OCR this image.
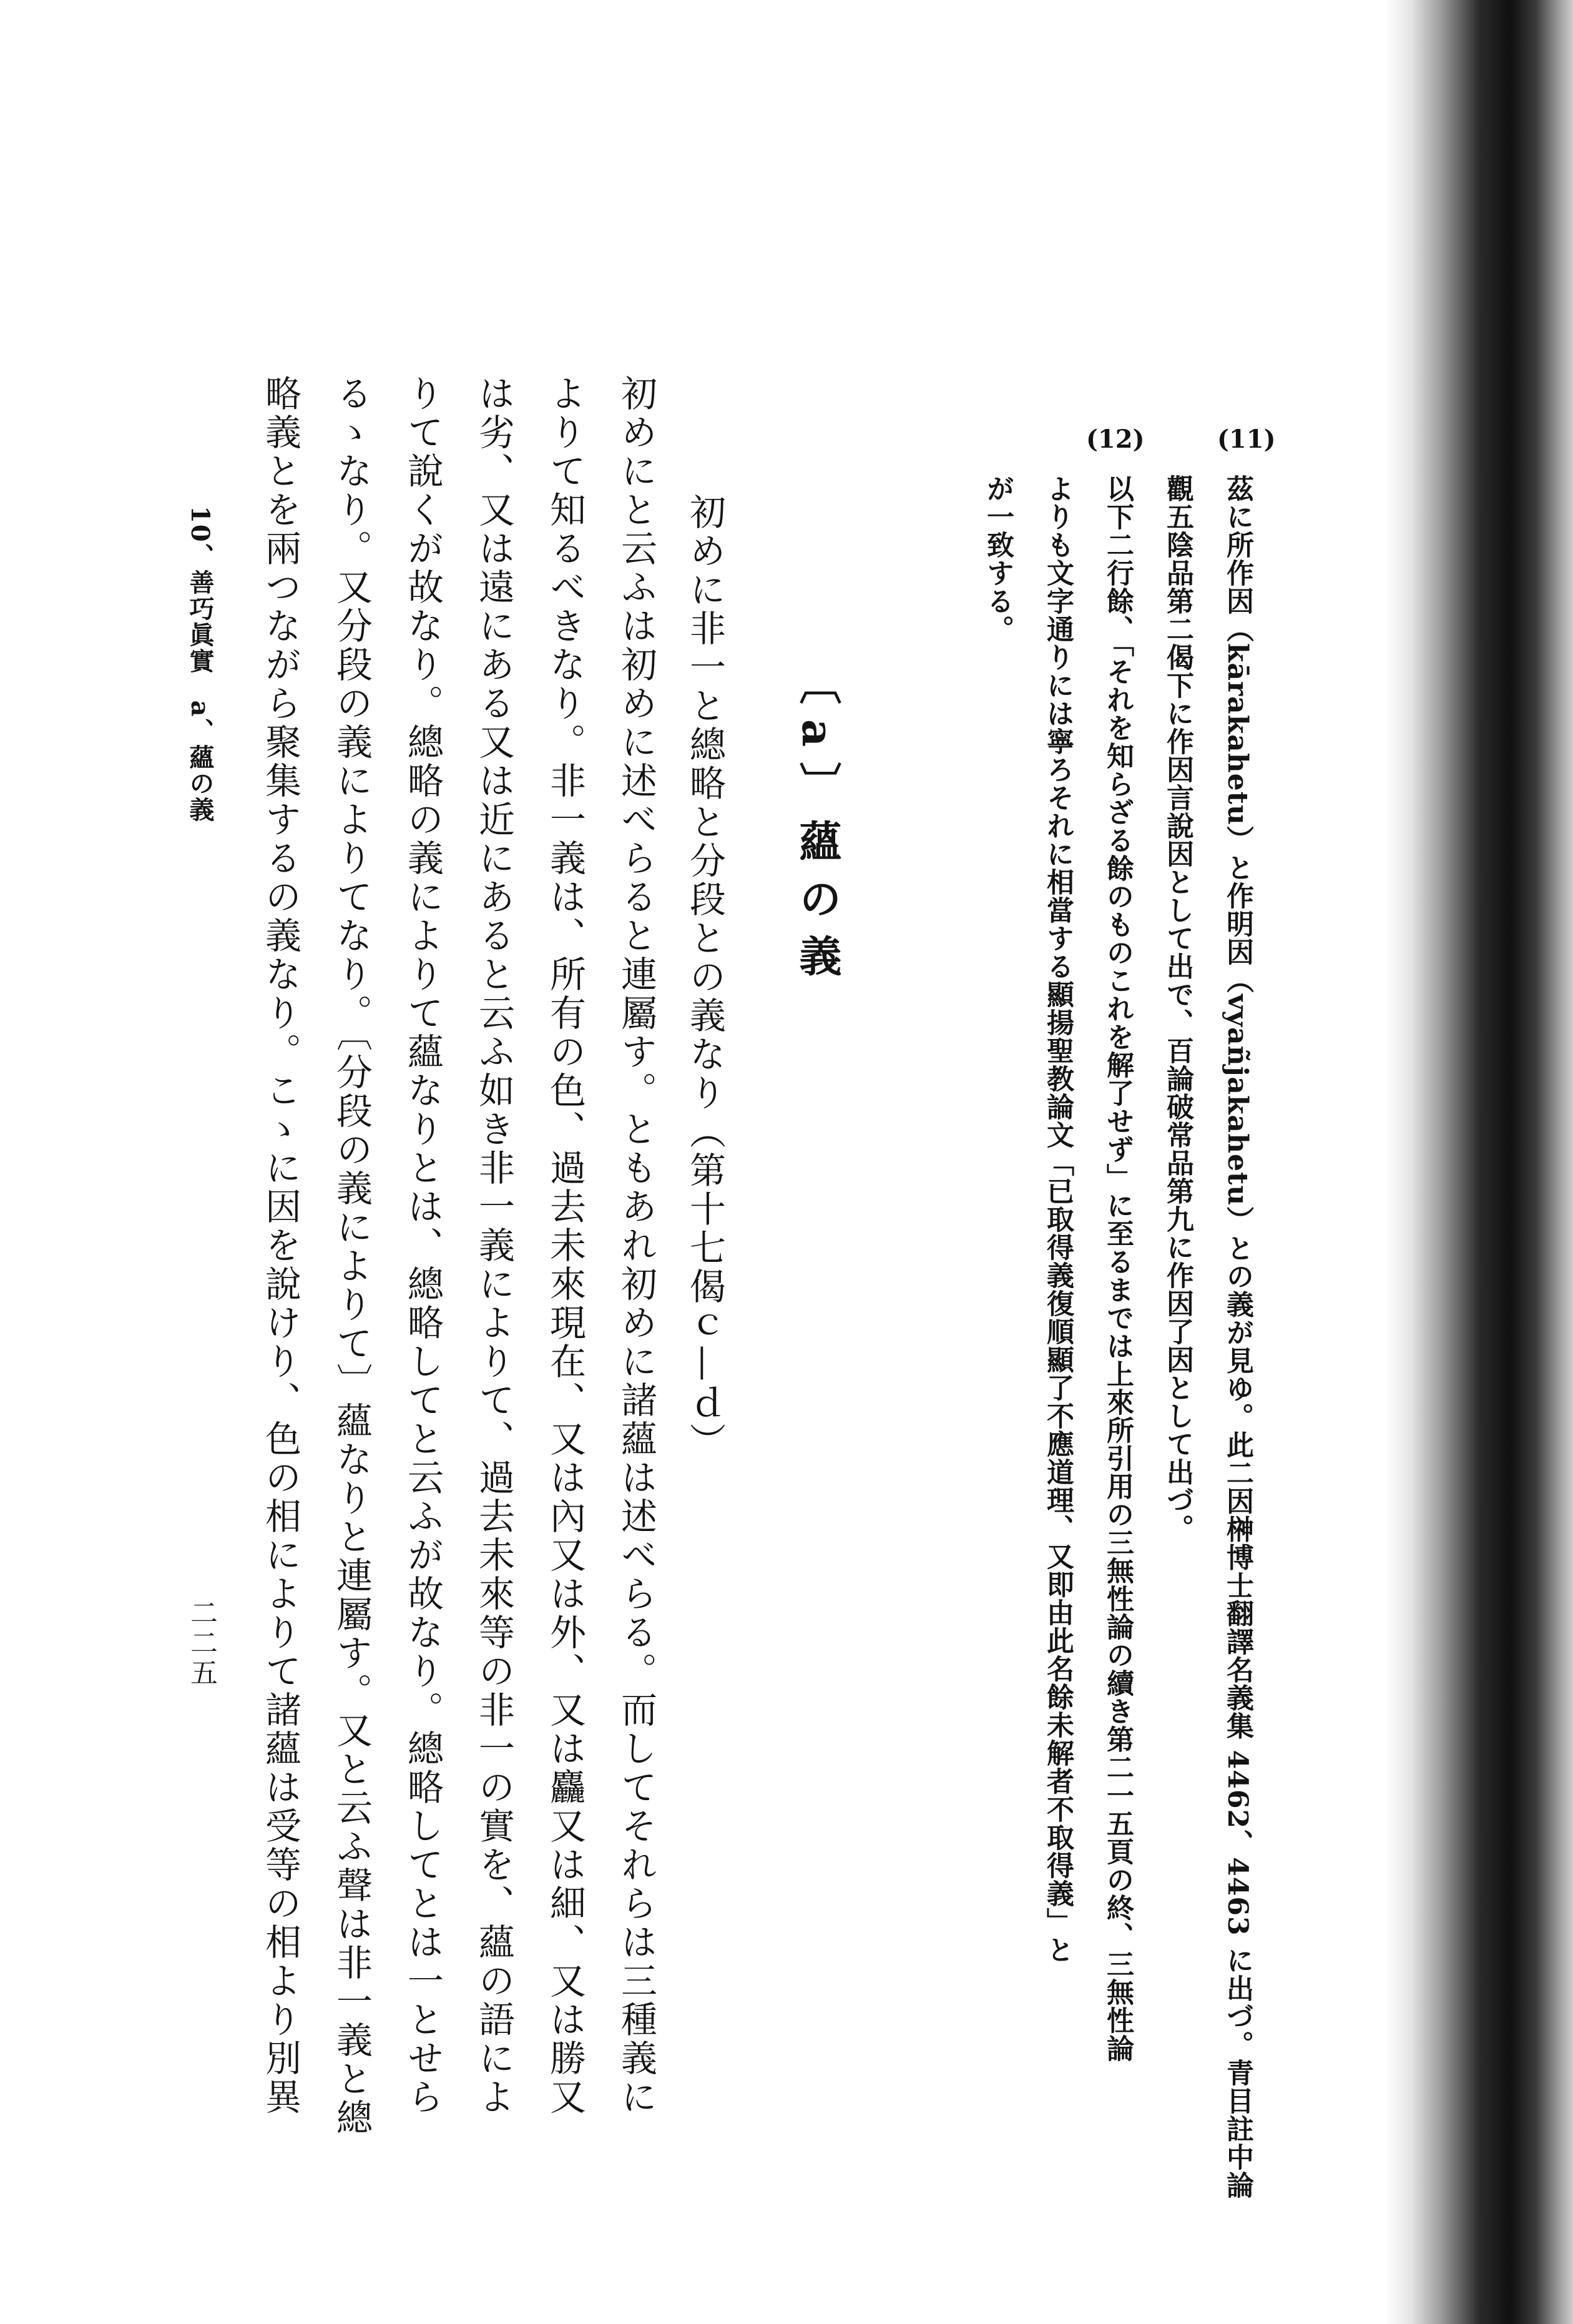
(11)
(12)
茲に所作因（kārakahetu）と作明因（vyañjakahetu）との義が見ゆ。此二因榊博士翻譯名義集 4462、4463 に出づ。青目註中論
觀五陰品第二偈下に作因言說因として出で、百論破常品第九に作因了因として出づ。
以下二行餘、「それを知らざる餘のものこれを解了せず」に至るまでは上來所引用の三無性論の續き第二一五頁の終、三無性論
よりも文字通りには寧ろそれに相當する顯揚聖教論文「已取得義復順顯了不應道理、又即由此名餘未解者不取得義」と
が一致する。
〔a〕蘊の義
初めに非一と總略と分段との義なり（第十七偈ｃ—ｄ）
初めにと云ふは初めに述べらると連屬す。ともあれ初めに諸蘊は述べらる。而してそれらは三種義に
よりて知るべきなり。非一義は、所有の色、過去未來現在、又は內又は外、又は麤又は細、又は勝又
は劣、又は遠にある又は近にあると云ふ如き非一義によりて、過去未來等の非一の實を、蘊の語によ
りて說くが故なり。總略の義によりて蘊なりとは、總略してと云ふが故なり。總略してとは一とせら
るゝなり。又分段の義によりてなり。〔分段の義によりて〕蘊なりと連屬す。又と云ふ聲は非一義と總
略義とを兩つながら聚集するの義なり。こゝに因を說けり、色の相によりて諸蘊は受等の相より別異
10、善巧眞實　a、蘊の義
二二五
